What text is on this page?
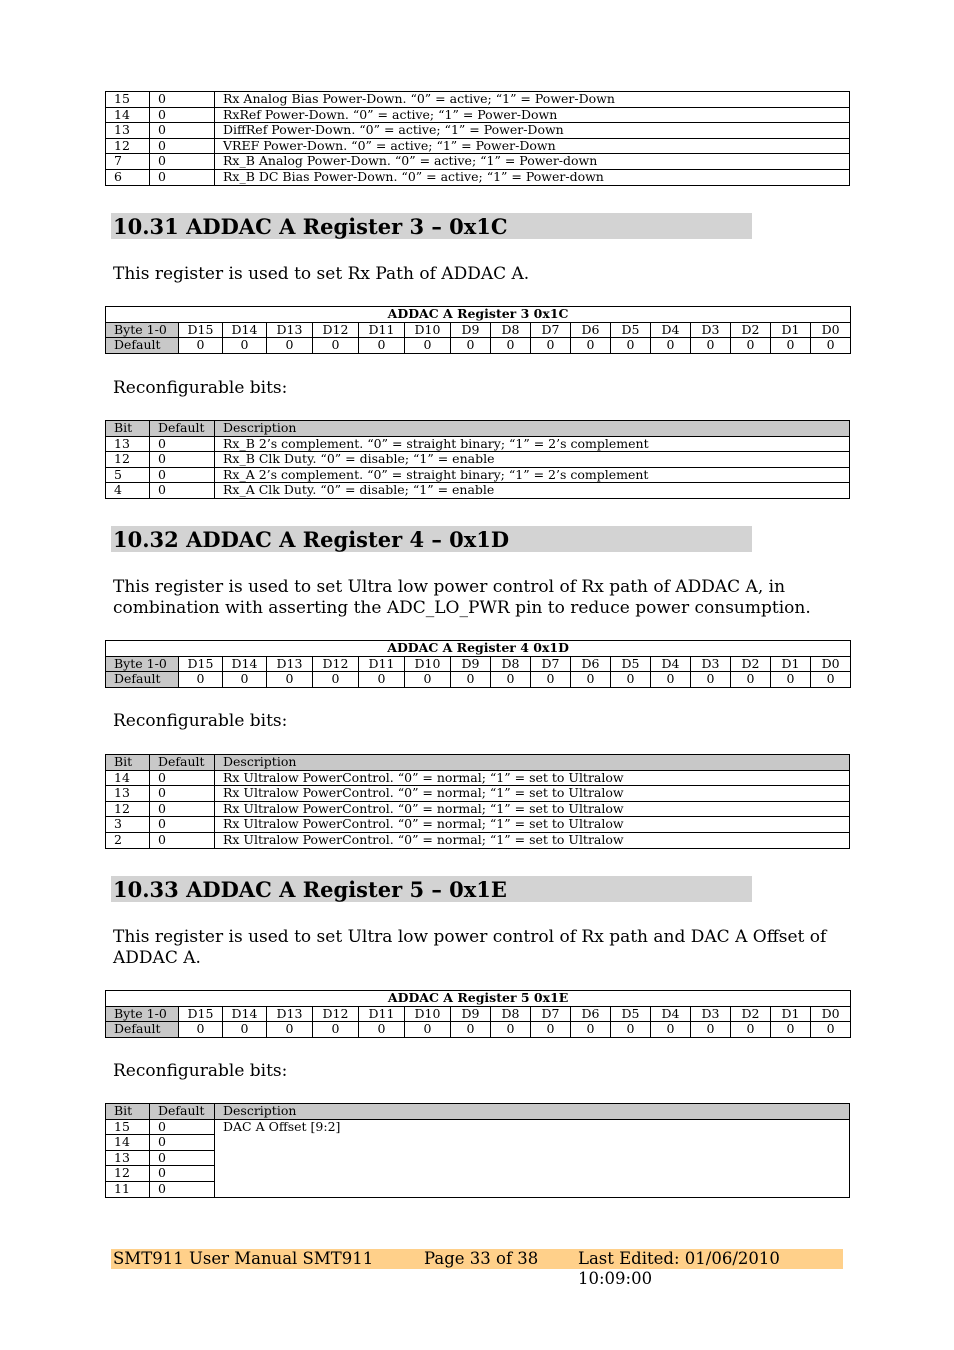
15	0	Rx Analog Bias Power-Down. “0” = active; “1” = Power-Down
14	0	RxRef Power-Down. “0” = active; “1” = Power-Down
13	0	DiffRef Power-Down. “0” = active; “1” = Power-Down
12	0	VREF Power-Down. “0” = active; “1” = Power-Down
7	0	Rx_B Analog Power-Down. “0” = active; “1” = Power-down
6	0	Rx_B DC Bias Power-Down. “0” = active; “1” = Power-down
10.31 ADDAC A Register 3 – 0x1C

This register is used to set Rx Path of ADDAC A.

ADDAC A Register 3 0x1C																
Byte 1-0	D15	D14	D13	D12	D11	D10	D9	D8	D7	D6	D5	D4	D3	D2	D1	D0
Default	0	0	0	0	0	0	0	0	0	0	0	0	0	0	0	0

Reconfigurable bits:

Bit	Default	Description
13	0	Rx_B 2’s complement. “0” = straight binary; “1” = 2’s complement
12	0	Rx_B Clk Duty. “0” = disable; “1” = enable
5	0	Rx_A 2’s complement. “0” = straight binary; “1” = 2’s complement
4	0	Rx_A Clk Duty. “0” = disable; “1” = enable
10.32 ADDAC A Register 4 – 0x1D

This register is used to set Ultra low power control of Rx path of ADDAC A, in combination with asserting the ADC_LO_PWR pin to reduce power consumption.

ADDAC A Register 4 0x1D																
Byte 1-0	D15	D14	D13	D12	D11	D10	D9	D8	D7	D6	D5	D4	D3	D2	D1	D0
Default	0	0	0	0	0	0	0	0	0	0	0	0	0	0	0	0

Reconfigurable bits:

Bit	Default	Description
14	0	Rx Ultralow PowerControl. “0” = normal; “1” = set to Ultralow
13	0	Rx Ultralow PowerControl. “0” = normal; “1” = set to Ultralow
12	0	Rx Ultralow PowerControl. “0” = normal; “1” = set to Ultralow
3	0	Rx Ultralow PowerControl. “0” = normal; “1” = set to Ultralow
2	0	Rx Ultralow PowerControl. “0” = normal; “1” = set to Ultralow
10.33 ADDAC A Register 5 – 0x1E

This register is used to set Ultra low power control of Rx path and DAC A Offset of ADDAC A.

ADDAC A Register 5 0x1E																
Byte 1-0	D15	D14	D13	D12	D11	D10	D9	D8	D7	D6	D5	D4	D3	D2	D1	D0
Default	0	0	0	0	0	0	0	0	0	0	0	0	0	0	0	0

Reconfigurable bits:

Bit	Default	Description
15	0	DAC A Offset [9:2]
14	0	
13	0	
12	0	
11	0	
SMT911 User Manual SMT911	Page 33 of 38 Last Edited: 01/06/2010 10:09:00
